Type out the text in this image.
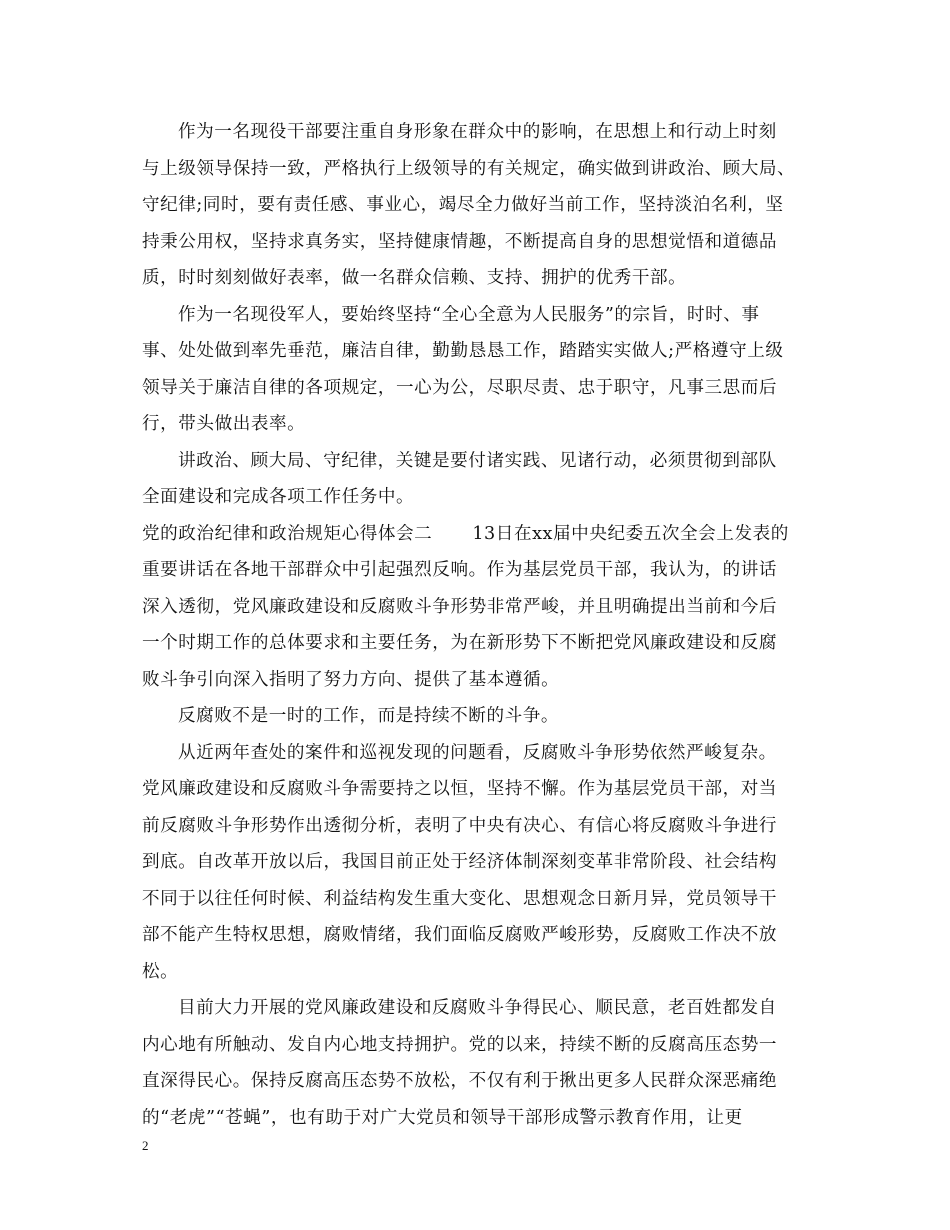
作为一名现役干部要注重自身形象在群众中的影响，在思想上和行动上时刻
与上级领导保持一致，严格执行上级领导的有关规定，确实做到讲政治、顾大局、
守纪律;同时，要有责任感、事业心，竭尽全力做好当前工作，坚持淡泊名利，坚
持秉公用权，坚持求真务实，坚持健康情趣，不断提高自身的思想觉悟和道德品
质，时时刻刻做好表率，做一名群众信赖、支持、拥护的优秀干部。
作为一名现役军人，要始终坚持“全心全意为人民服务”的宗旨，时时、事
事、处处做到率先垂范，廉洁自律，勤勤恳恳工作，踏踏实实做人;严格遵守上级
领导关于廉洁自律的各项规定，一心为公，尽职尽责、忠于职守，凡事三思而后
行，带头做出表率。
讲政治、顾大局、守纪律，关键是要付诸实践、见诸行动，必须贯彻到部队
全面建设和完成各项工作任务中。
党的政治纪律和政治规矩心得体会二 13日在xx届中央纪委五次全会上发表的
重要讲话在各地干部群众中引起强烈反响。作为基层党员干部，我认为，的讲话
深入透彻，党风廉政建设和反腐败斗争形势非常严峻，并且明确提出当前和今后
一个时期工作的总体要求和主要任务，为在新形势下不断把党风廉政建设和反腐
败斗争引向深入指明了努力方向、提供了基本遵循。
反腐败不是一时的工作，而是持续不断的斗争。
从近两年查处的案件和巡视发现的问题看，反腐败斗争形势依然严峻复杂。
党风廉政建设和反腐败斗争需要持之以恒，坚持不懈。作为基层党员干部，对当
前反腐败斗争形势作出透彻分析，表明了中央有决心、有信心将反腐败斗争进行
到底。自改革开放以后，我国目前正处于经济体制深刻变革非常阶段、社会结构
不同于以往任何时候、利益结构发生重大变化、思想观念日新月异，党员领导干
部不能产生特权思想，腐败情绪，我们面临反腐败严峻形势，反腐败工作决不放
松。
目前大力开展的党风廉政建设和反腐败斗争得民心、顺民意，老百姓都发自
内心地有所触动、发自内心地支持拥护。党的以来，持续不断的反腐高压态势一
直深得民心。保持反腐高压态势不放松，不仅有利于揪出更多人民群众深恶痛绝
的“老虎”“苍蝇”，也有助于对广大党员和领导干部形成警示教育作用，让更
2
